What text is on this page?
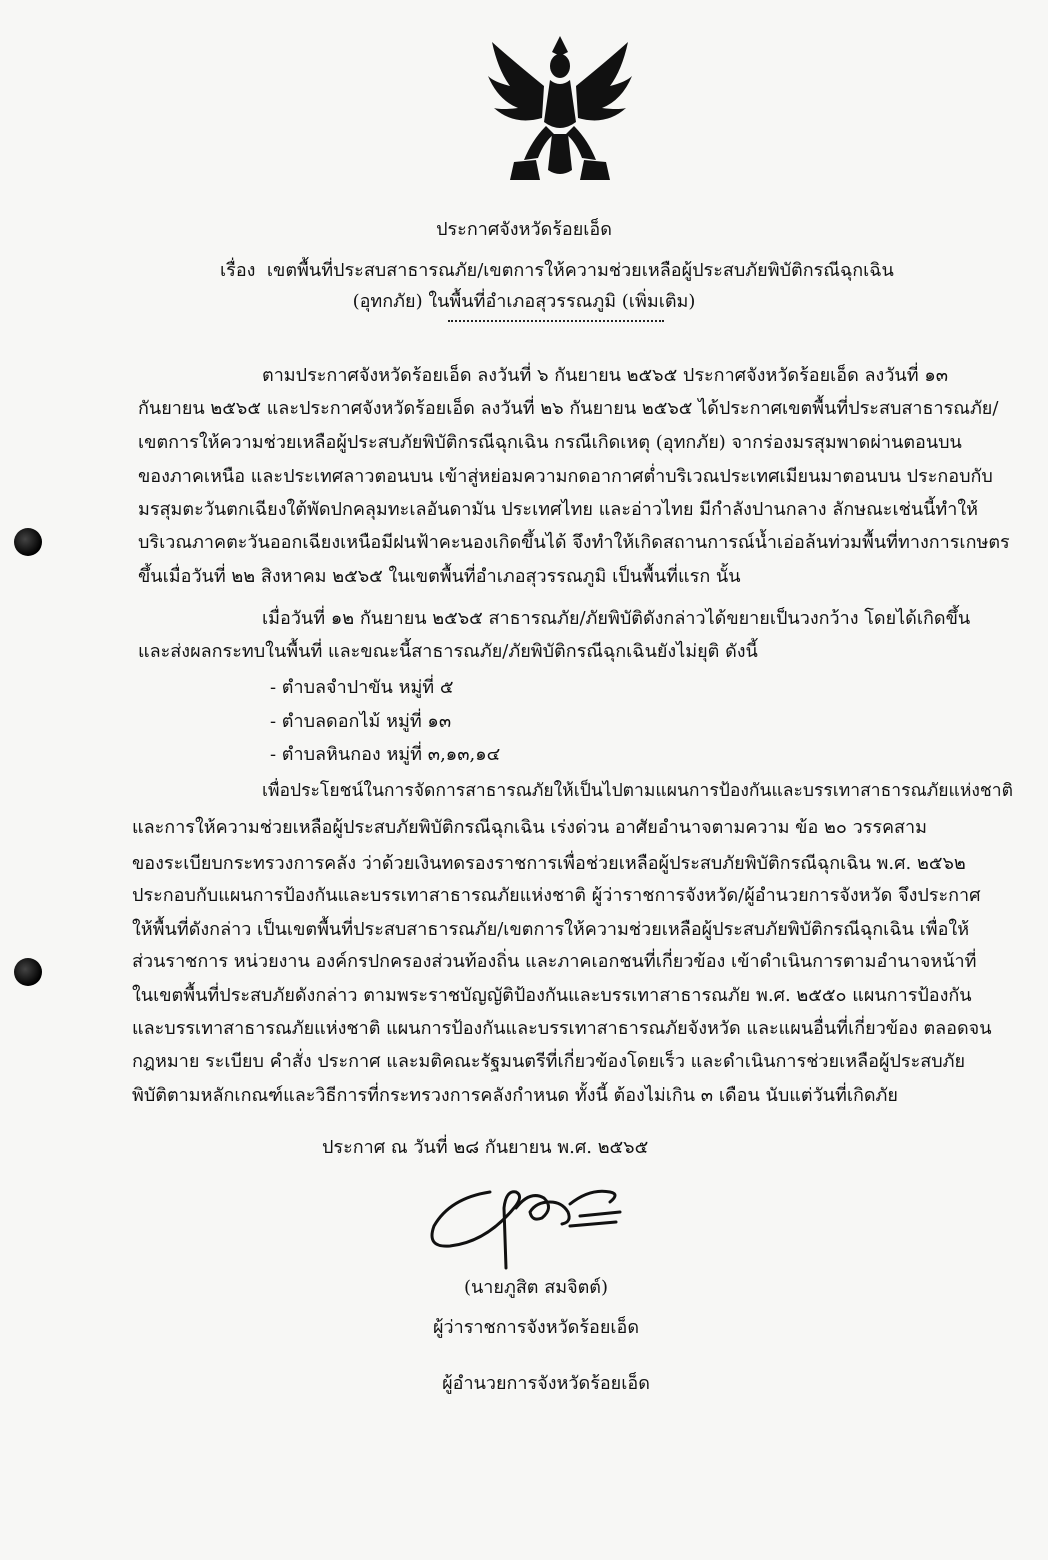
ประกาศจังหวัดร้อยเอ็ด
เรื่อง เขตพื้นที่ประสบสาธารณภัย/เขตการให้ความช่วยเหลือผู้ประสบภัยพิบัติกรณีฉุกเฉิน
(อุทกภัย) ในพื้นที่อำเภอสุวรรณภูมิ (เพิ่มเติม)
ตามประกาศจังหวัดร้อยเอ็ด ลงวันที่ ๖ กันยายน ๒๕๖๕ ประกาศจังหวัดร้อยเอ็ด ลงวันที่ ๑๓
กันยายน ๒๕๖๕ และประกาศจังหวัดร้อยเอ็ด ลงวันที่ ๒๖ กันยายน ๒๕๖๕ ได้ประกาศเขตพื้นที่ประสบสาธารณภัย/
เขตการให้ความช่วยเหลือผู้ประสบภัยพิบัติกรณีฉุกเฉิน กรณีเกิดเหตุ (อุทกภัย) จากร่องมรสุมพาดผ่านตอนบน
ของภาคเหนือ และประเทศลาวตอนบน เข้าสู่หย่อมความกดอากาศต่ำบริเวณประเทศเมียนมาตอนบน ประกอบกับ
มรสุมตะวันตกเฉียงใต้พัดปกคลุมทะเลอันดามัน ประเทศไทย และอ่าวไทย มีกำลังปานกลาง ลักษณะเช่นนี้ทำให้
บริเวณภาคตะวันออกเฉียงเหนือมีฝนฟ้าคะนองเกิดขึ้นได้ จึงทำให้เกิดสถานการณ์น้ำเอ่อล้นท่วมพื้นที่ทางการเกษตร
ขึ้นเมื่อวันที่ ๒๒ สิงหาคม ๒๕๖๕ ในเขตพื้นที่อำเภอสุวรรณภูมิ เป็นพื้นที่แรก นั้น
เมื่อวันที่ ๑๒ กันยายน ๒๕๖๕ สาธารณภัย/ภัยพิบัติดังกล่าวได้ขยายเป็นวงกว้าง โดยได้เกิดขึ้น
และส่งผลกระทบในพื้นที่ และขณะนี้สาธารณภัย/ภัยพิบัติกรณีฉุกเฉินยังไม่ยุติ ดังนี้
- ตำบลจำปาขัน หมู่ที่ ๕
- ตำบลดอกไม้ หมู่ที่ ๑๓
- ตำบลหินกอง หมู่ที่ ๓,๑๓,๑๔
เพื่อประโยชน์ในการจัดการสาธารณภัยให้เป็นไปตามแผนการป้องกันและบรรเทาสาธารณภัยแห่งชาติ
และการให้ความช่วยเหลือผู้ประสบภัยพิบัติกรณีฉุกเฉิน เร่งด่วน อาศัยอำนาจตามความ ข้อ ๒๐ วรรคสาม
ของระเบียบกระทรวงการคลัง ว่าด้วยเงินทดรองราชการเพื่อช่วยเหลือผู้ประสบภัยพิบัติกรณีฉุกเฉิน พ.ศ. ๒๕๖๒
ประกอบกับแผนการป้องกันและบรรเทาสาธารณภัยแห่งชาติ ผู้ว่าราชการจังหวัด/ผู้อำนวยการจังหวัด จึงประกาศ
ให้พื้นที่ดังกล่าว เป็นเขตพื้นที่ประสบสาธารณภัย/เขตการให้ความช่วยเหลือผู้ประสบภัยพิบัติกรณีฉุกเฉิน เพื่อให้
ส่วนราชการ หน่วยงาน องค์กรปกครองส่วนท้องถิ่น และภาคเอกชนที่เกี่ยวข้อง เข้าดำเนินการตามอำนาจหน้าที่
ในเขตพื้นที่ประสบภัยดังกล่าว ตามพระราชบัญญัติป้องกันและบรรเทาสาธารณภัย พ.ศ. ๒๕๕๐ แผนการป้องกัน
และบรรเทาสาธารณภัยแห่งชาติ แผนการป้องกันและบรรเทาสาธารณภัยจังหวัด และแผนอื่นที่เกี่ยวข้อง ตลอดจน
กฎหมาย ระเบียบ คำสั่ง ประกาศ และมติคณะรัฐมนตรีที่เกี่ยวข้องโดยเร็ว และดำเนินการช่วยเหลือผู้ประสบภัย
พิบัติตามหลักเกณฑ์และวิธีการที่กระทรวงการคลังกำหนด ทั้งนี้ ต้องไม่เกิน ๓ เดือน นับแต่วันที่เกิดภัย
ประกาศ ณ วันที่ ๒๘ กันยายน พ.ศ. ๒๕๖๕
(นายภูสิต สมจิตต์)
ผู้ว่าราชการจังหวัดร้อยเอ็ด
ผู้อำนวยการจังหวัดร้อยเอ็ด
